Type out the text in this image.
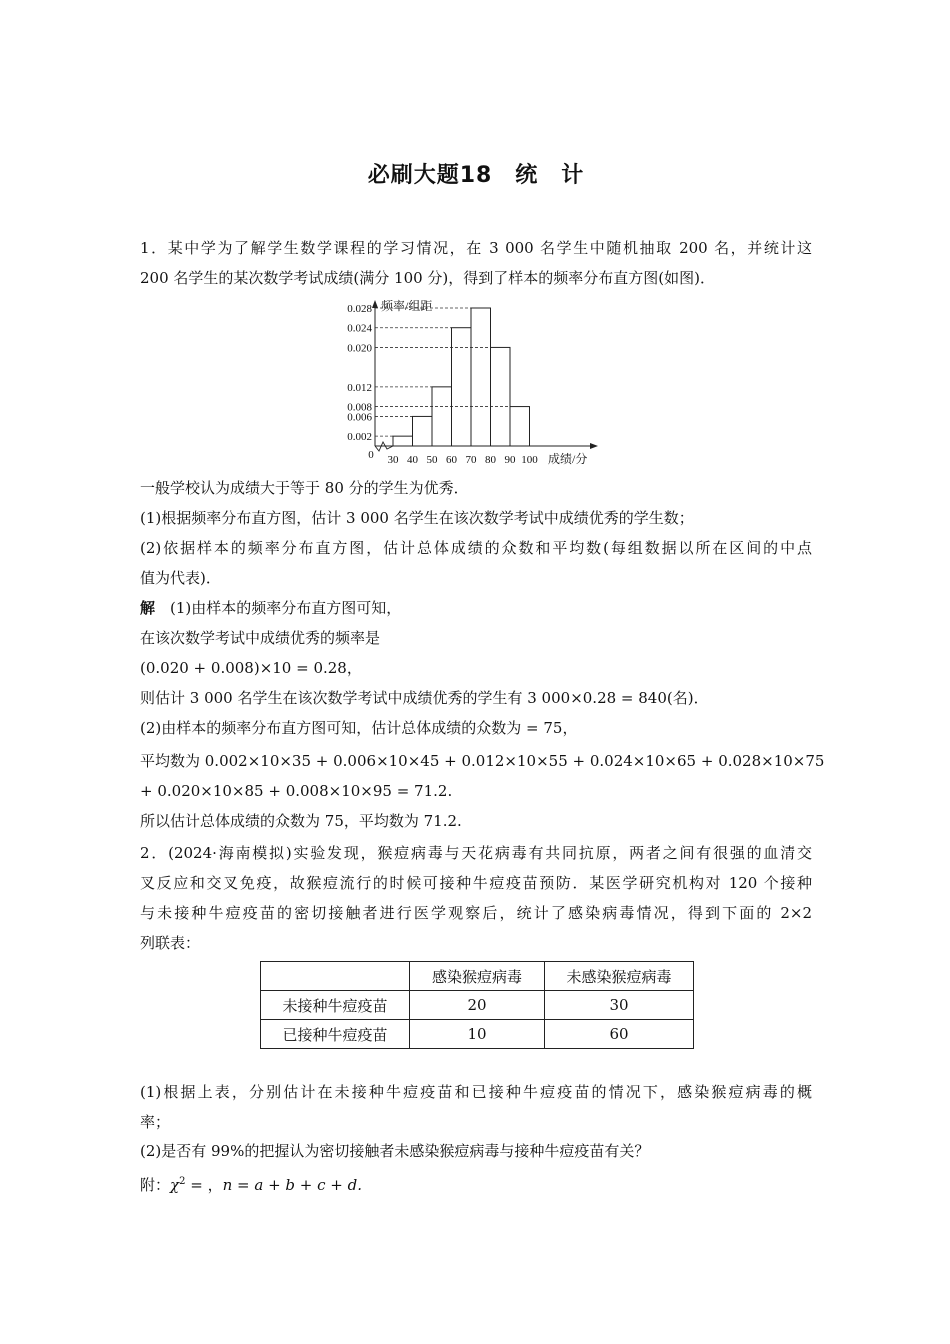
必刷大题18　统　计
1．某中学为了解学生数学课程的学习情况，在 3 000 名学生中随机抽取 200 名，并统计这
200 名学生的某次数学考试成绩(满分 100 分)，得到了样本的频率分布直方图(如图)．
0.002
0.006
0.008
0.012
0.020
0.024
0.028
30 40 50 60 70 80 90 100
0
频率/组距
成绩/分
一般学校认为成绩大于等于 80 分的学生为优秀．
(1)根据频率分布直方图，估计 3 000 名学生在该次数学考试中成绩优秀的学生数；
(2)依据样本的频率分布直方图，估计总体成绩的众数和平均数(每组数据以所在区间的中点
值为代表)．
解　 (1)由样本的频率分布直方图可知，
在该次数学考试中成绩优秀的频率是
(0.020 + 0.008)×10 = 0.28，
则估计 3 000 名学生在该次数学考试中成绩优秀的学生有 3 000×0.28 = 840(名)．
(2)由样本的频率分布直方图可知，估计总体成绩的众数为 = 75，
平均数为 0.002×10×35 + 0.006×10×45 + 0.012×10×55 + 0.024×10×65 + 0.028×10×75
+ 0.020×10×85 + 0.008×10×95 = 71.2.
所以估计总体成绩的众数为 75，平均数为 71.2.
2．(2024·海南模拟)实验发现，猴痘病毒与天花病毒有共同抗原，两者之间有很强的血清交
叉反应和交叉免疫，故猴痘流行的时候可接种牛痘疫苗预防．某医学研究机构对 120 个接种
与未接种牛痘疫苗的密切接触者进行医学观察后，统计了感染病毒情况，得到下面的 2×2
列联表：
	感染猴痘病毒	未感染猴痘病毒
未接种牛痘疫苗	20	30
已接种牛痘疫苗	10	60
(1)根据上表，分别估计在未接种牛痘疫苗和已接种牛痘疫苗的情况下，感染猴痘病毒的概
率；
(2)是否有 99%的把握认为密切接触者未感染猴痘病毒与接种牛痘疫苗有关？
附：$\chi^2$ = ，n = a + b + c + d.
